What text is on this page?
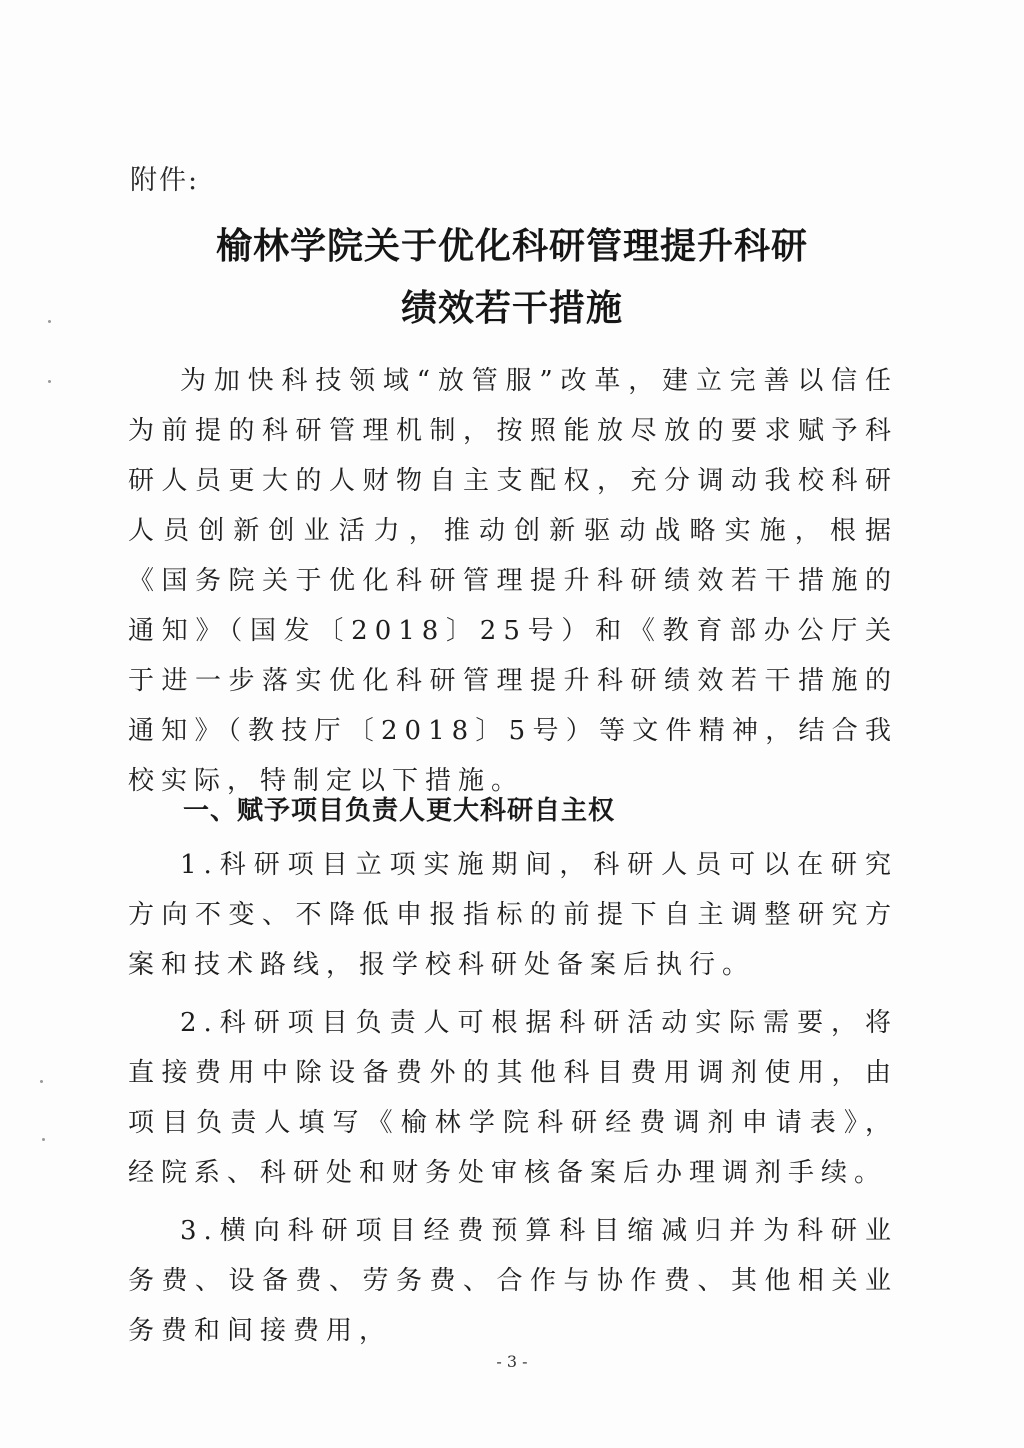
附件:
榆林学院关于优化科研管理提升科研
绩效若干措施

为加快科技领域“放管服”改革，建立完善以信任为前提的科研管理机制，按照能放尽放的要求赋予科研人员更大的人财物自主支配权，充分调动我校科研人员创新创业活力，推动创新驱动战略实施，根据《国务院关于优化科研管理提升科研绩效若干措施的通知》（国发〔2018〕25号）和《教育部办公厅关于进一步落实优化科研管理提升科研绩效若干措施的通知》（教技厅〔2018〕5号）等文件精神，结合我校实际，特制定以下措施。

一、赋予项目负责人更大科研自主权

1.科研项目立项实施期间，科研人员可以在研究方向不变、不降低申报指标的前提下自主调整研究方案和技术路线，报学校科研处备案后执行。

2.科研项目负责人可根据科研活动实际需要，将直接费用中除设备费外的其他科目费用调剂使用，由项目负责人填写《榆林学院科研经费调剂申请表》，经院系、科研处和财务处审核备案后办理调剂手续。

3.横向科研项目经费预算科目缩减归并为科研业务费、设备费、劳务费、合作与协作费、其他相关业务费和间接费用，

- 3 -
